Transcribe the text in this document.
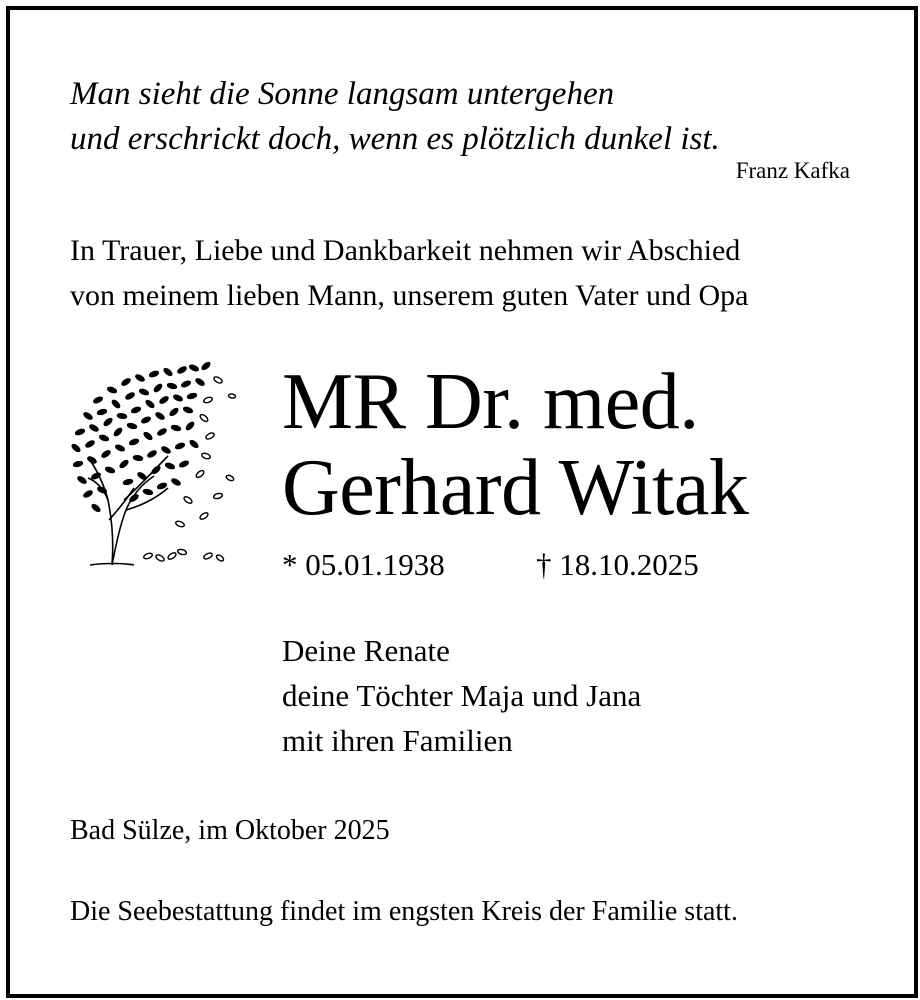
Man sieht die Sonne langsam untergehen

und erschrickt doch, wenn es plötzlich dunkel ist.

Franz Kafka

In Trauer, Liebe und Dankbarkeit nehmen wir Abschied

von meinem lieben Mann, unserem guten Vater und Opa

MR Dr. med.

Gerhard Witak

* 05.01.1938	† 18.10.2025

Deine Renate

deine Töchter Maja und Jana

mit ihren Familien

Bad Sülze, im Oktober 2025

Die Seebestattung findet im engsten Kreis der Familie statt.
